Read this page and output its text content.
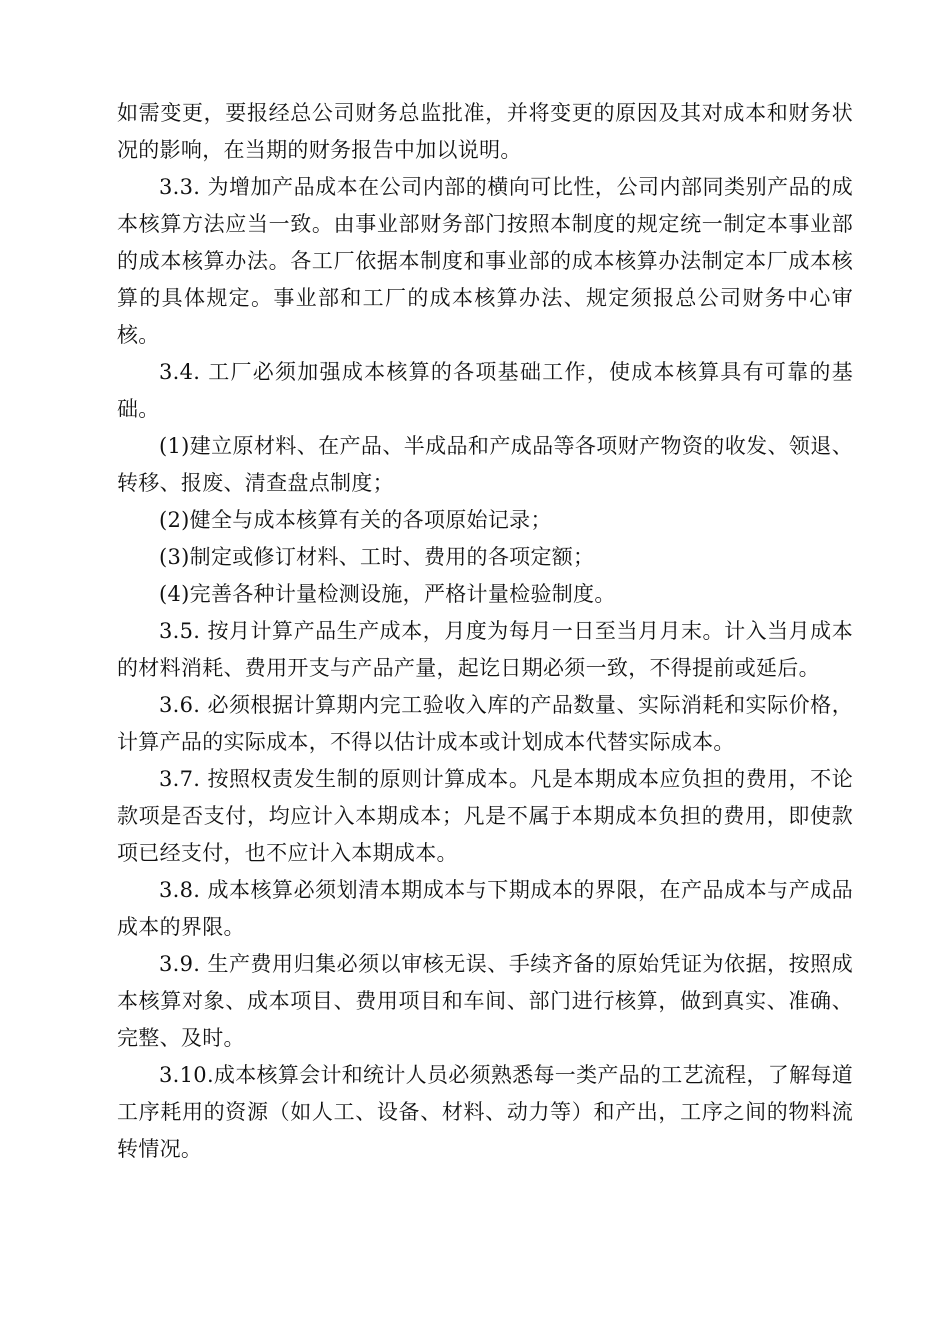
如需变更，要报经总公司财务总监批准，并将变更的原因及其对成本和财务状况的影响，在当期的财务报告中加以说明。

3.3. 为增加产品成本在公司内部的横向可比性，公司内部同类别产品的成本核算方法应当一致。由事业部财务部门按照本制度的规定统一制定本事业部的成本核算办法。各工厂依据本制度和事业部的成本核算办法制定本厂成本核算的具体规定。事业部和工厂的成本核算办法、规定须报总公司财务中心审核。

3.4. 工厂必须加强成本核算的各项基础工作，使成本核算具有可靠的基础。

(1)建立原材料、在产品、半成品和产成品等各项财产物资的收发、领退、转移、报废、清查盘点制度；

(2)健全与成本核算有关的各项原始记录；

(3)制定或修订材料、工时、费用的各项定额；

(4)完善各种计量检测设施，严格计量检验制度。

3.5. 按月计算产品生产成本，月度为每月一日至当月月末。计入当月成本的材料消耗、费用开支与产品产量，起讫日期必须一致，不得提前或延后。

3.6. 必须根据计算期内完工验收入库的产品数量、实际消耗和实际价格，计算产品的实际成本，不得以估计成本或计划成本代替实际成本。

3.7. 按照权责发生制的原则计算成本。凡是本期成本应负担的费用，不论款项是否支付，均应计入本期成本；凡是不属于本期成本负担的费用，即使款项已经支付，也不应计入本期成本。

3.8. 成本核算必须划清本期成本与下期成本的界限，在产品成本与产成品成本的界限。

3.9. 生产费用归集必须以审核无误、手续齐备的原始凭证为依据，按照成本核算对象、成本项目、费用项目和车间、部门进行核算，做到真实、准确、完整、及时。

3.10.成本核算会计和统计人员必须熟悉每一类产品的工艺流程，了解每道工序耗用的资源（如人工、设备、材料、动力等）和产出，工序之间的物料流转情况。
